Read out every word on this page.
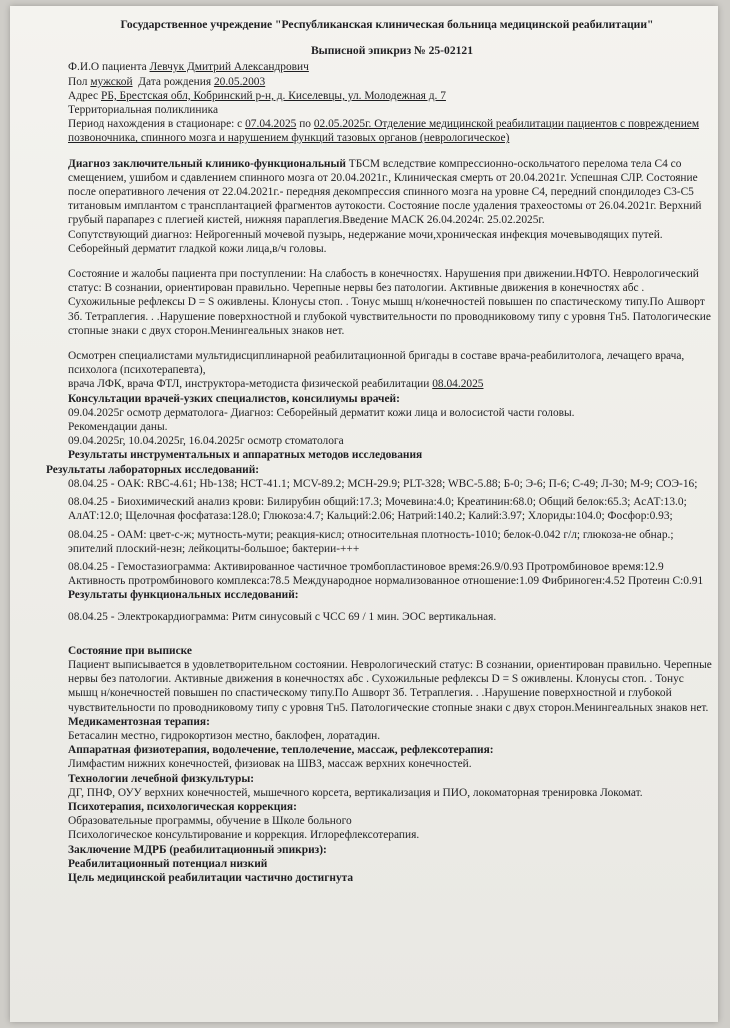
Государственное учреждение "Республиканская клиническая больница медицинской реабилитации"

Выписной эпикриз № 25-02121

Ф.И.О пациента Левчук Дмитрий Александрович

Пол мужской Дата рождения 20.05.2003

Адрес РБ, Брестская обл, Кобринский р-н, д. Киселевцы, ул. Молодежная д. 7

Территориальная поликлиника

Период нахождения в стационаре: с 07.04.2025 по 02.05.2025г. Отделение медицинской реабилитации пациентов с повреждением позвоночника, спинного мозга и нарушением функций тазовых органов (неврологическое)

Диагноз заключительный клинико-функциональный ТБСМ вследствие компрессионно-оскольчатого перелома тела С4 со смещением, ушибом и сдавлением спинного мозга от 20.04.2021г., Клиническая смерть от 20.04.2021г. Успешная СЛР. Состояние после оперативного лечения от 22.04.2021г.- передняя декомпрессия спинного мозга на уровне С4, передний спондилодез С3-С5 титановым имплантом с трансплантацией фрагментов аутокости. Состояние после удаления трахеостомы от 26.04.2021г. Верхний грубый парапарез с плегией кистей, нижняя параплегия.Введение МАСК 26.04.2024г. 25.02.2025г.

Сопутствующий диагноз: Нейрогенный мочевой пузырь, недержание мочи,хроническая инфекция мочевыводящих путей. Себорейный дерматит гладкой кожи лица,в/ч головы.

Состояние и жалобы пациента при поступлении: На слабость в конечностях. Нарушения при движении.НФТО. Неврологический статус: В сознании, ориентирован правильно. Черепные нервы без патологии. Активные движения в конечностях абс . Сухожильные рефлексы D = S оживлены. Клонусы стоп. . Тонус мышц н/конечностей повышен по спастическому типу.По Ашворт 3б. Тетраплегия. . .Нарушение поверхностной и глубокой чувствительности по проводниковому типу с уровня Тн5. Патологические стопные знаки с двух сторон.Менингеальных знаков нет.

Осмотрен специалистами мультидисциплинарной реабилитационной бригады в составе врача-реабилитолога, лечащего врача, психолога (психотерапевта),

врача ЛФК, врача ФТЛ, инструктора-методиста физической реабилитации 08.04.2025

Консультации врачей-узких специалистов, консилиумы врачей:

09.04.2025г осмотр дерматолога- Диагноз: Себорейный дерматит кожи лица и волосистой части головы.

Рекомендации даны.

09.04.2025г, 10.04.2025г, 16.04.2025г осмотр стоматолога

Результаты инструментальных и аппаратных методов исследования

Результаты лабораторных исследований:

08.04.25 - ОАК: RBC-4.61; Hb-138; НСТ-41.1; МСV-89.2; МСН-29.9; PLT-328; WBC-5.88; Б-0; Э-6; П-6; С-49; Л-30; М-9; СОЭ-16;

08.04.25 - Биохимический анализ крови: Билирубин общий:17.3; Мочевина:4.0; Креатинин:68.0; Общий белок:65.3; АсАТ:13.0; АлАТ:12.0; Щелочная фосфатаза:128.0; Глюкоза:4.7; Кальций:2.06; Натрий:140.2; Калий:3.97; Хлориды:104.0; Фосфор:0.93;

08.04.25 - ОАМ: цвет-с-ж; мутность-мути; реакция-кисл; относительная плотность-1010; белок-0.042 г/л; глюкоза-не обнар.; эпителий плоский-незн; лейкоциты-большое; бактерии-+++

08.04.25 - Гемостазиограмма: Активированное частичное тромбопластиновое время:26.9/0.93 Протромбиновое время:12.9 Активность протромбинового комплекса:78.5 Международное нормализованное отношение:1.09 Фибриноген:4.52 Протеин С:0.91

Результаты функциональных исследований:

08.04.25 - Электрокардиограмма: Ритм синусовый с ЧСС 69 / 1 мин. ЭОС вертикальная.

Состояние при выписке

Пациент выписывается в удовлетворительном состоянии. Неврологический статус: В сознании, ориентирован правильно. Черепные нервы без патологии. Активные движения в конечностях абс . Сухожильные рефлексы D = S оживлены. Клонусы стоп. . Тонус мышц н/конечностей повышен по спастическому типу.По Ашворт 3б. Тетраплегия. . .Нарушение поверхностной и глубокой чувствительности по проводниковому типу с уровня Тн5. Патологические стопные знаки с двух сторон.Менингеальных знаков нет.

Медикаментозная терапия:

Бетасалин местно, гидрокортизон местно, баклофен, лоратадин.

Аппаратная физиотерапия, водолечение, теплолечение, массаж, рефлексотерапия:

Лимфастим нижних конечностей, физиовак на ШВЗ, массаж верхних конечностей.

Технологии лечебной физкультуры:

ДГ, ПНФ, ОУУ верхних конечностей, мышечного корсета, вертикализация и ПИО, локоматорная тренировка Локомат.

Психотерапия, психологическая коррекция:

Образовательные программы, обучение в Школе больного

Психологическое консультирование и коррекция. Иглорефлексотерапия.

Заключение МДРБ (реабилитационный эпикриз):

Реабилитационный потенциал низкий

Цель медицинской реабилитации частично достигнута
